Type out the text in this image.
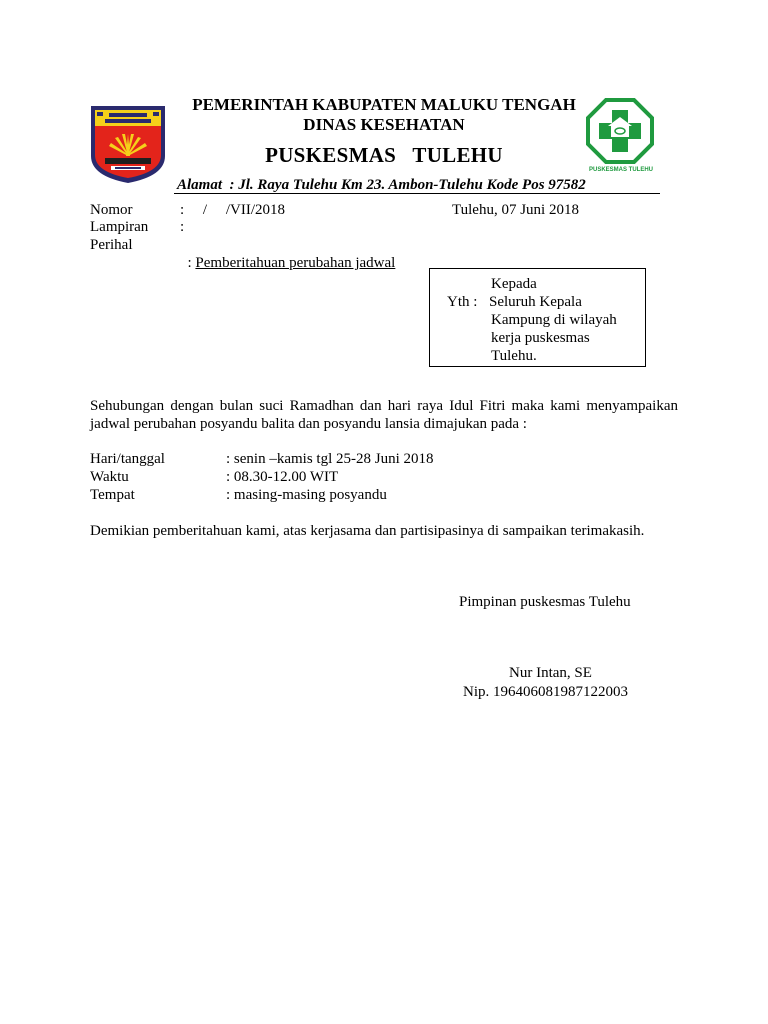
PUSKESMAS TULEHU
PEMERINTAH KABUPATEN MALUKU TENGAH
DINAS KESEHATAN
PUSKESMAS   TULEHU
Alamat  : Jl. Raya Tulehu Km 23. Ambon-Tulehu Kode Pos 97582
Nomor	:     /     /VII/2018	Tulehu, 07 Juni 2018
Lampiran :
Perihal

: Pemberitahuan perubahan jadwal

Kepada
Yth : Seluruh Kepala
Kampung di wilayah
kerja puskesmas
Tulehu.
Sehubungan dengan bulan suci Ramadhan dan hari raya Idul Fitri maka kami menyampaikan jadwal perubahan posyandu balita dan posyandu lansia dimajukan pada :
Hari/tanggal	: senin –kamis tgl 25-28 Juni 2018
Waktu	: 08.30-12.00 WIT
Tempat	: masing-masing posyandu
Demikian pemberitahuan kami, atas kerjasama dan partisipasinya di sampaikan terimakasih.
Pimpinan puskesmas Tulehu
Nur Intan, SE
Nip. 196406081987122003
